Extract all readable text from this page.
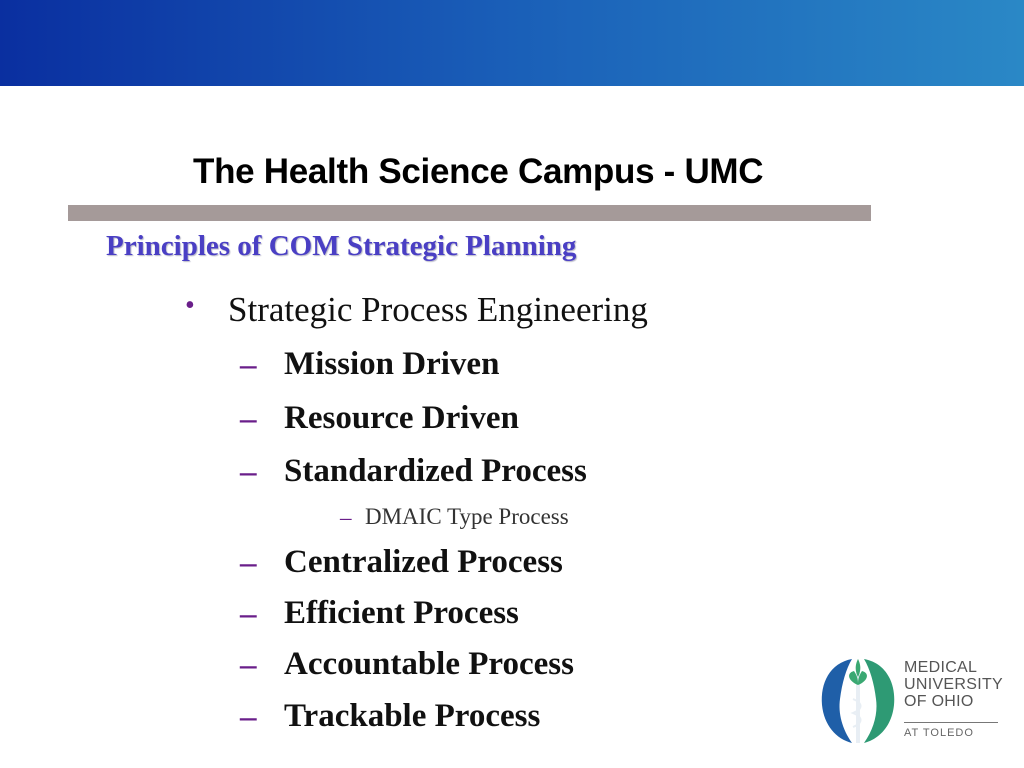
The Health Science Campus - UMC
Principles of COM Strategic Planning
• Strategic Process Engineering
– Mission Driven
– Resource Driven
– Standardized Process
– DMAIC Type Process
– Centralized Process
– Efficient Process
– Accountable Process
– Trackable Process
MEDICAL
UNIVERSITY
OF OHIO
AT TOLEDO
